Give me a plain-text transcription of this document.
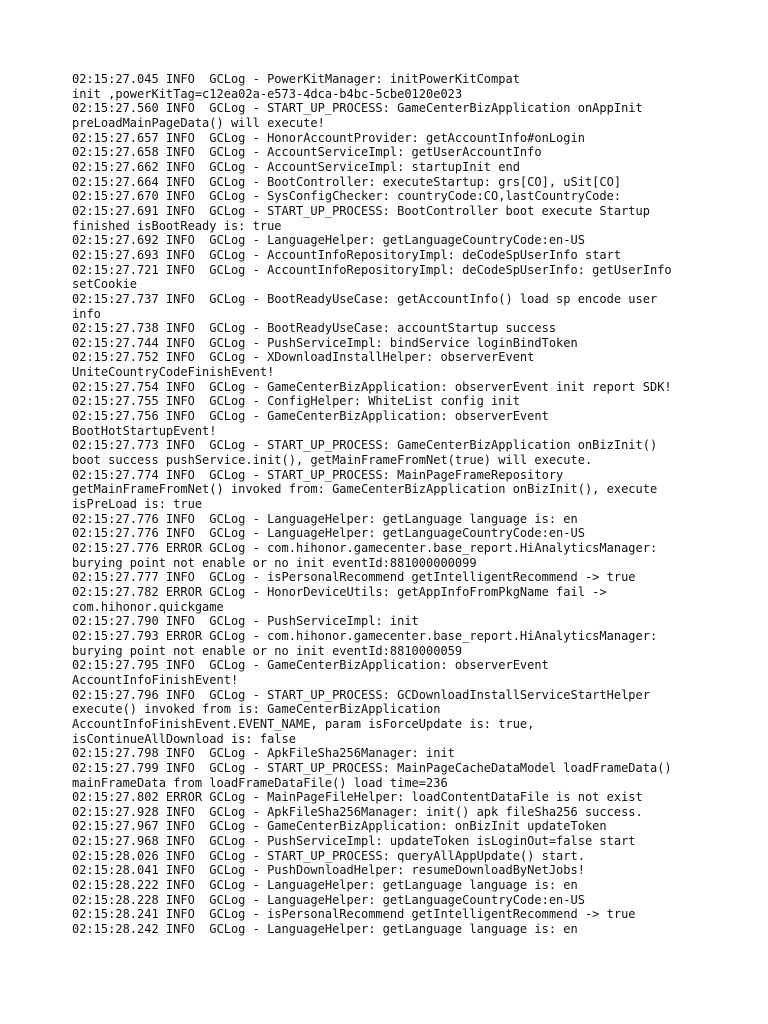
02:15:27.045 INFO  GCLog - PowerKitManager: initPowerKitCompat
init ,powerKitTag=c12ea02a-e573-4dca-b4bc-5cbe0120e023
02:15:27.560 INFO  GCLog - START_UP_PROCESS: GameCenterBizApplication onAppInit
preLoadMainPageData() will execute!
02:15:27.657 INFO  GCLog - HonorAccountProvider: getAccountInfo#onLogin
02:15:27.658 INFO  GCLog - AccountServiceImpl: getUserAccountInfo
02:15:27.662 INFO  GCLog - AccountServiceImpl: startupInit end
02:15:27.664 INFO  GCLog - BootController: executeStartup: grs[CO], uSit[CO]
02:15:27.670 INFO  GCLog - SysConfigChecker: countryCode:CO,lastCountryCode:
02:15:27.691 INFO  GCLog - START_UP_PROCESS: BootController boot execute Startup
finished isBootReady is: true
02:15:27.692 INFO  GCLog - LanguageHelper: getLanguageCountryCode:en-US
02:15:27.693 INFO  GCLog - AccountInfoRepositoryImpl: deCodeSpUserInfo start
02:15:27.721 INFO  GCLog - AccountInfoRepositoryImpl: deCodeSpUserInfo: getUserInfo
setCookie
02:15:27.737 INFO  GCLog - BootReadyUseCase: getAccountInfo() load sp encode user
info
02:15:27.738 INFO  GCLog - BootReadyUseCase: accountStartup success
02:15:27.744 INFO  GCLog - PushServiceImpl: bindService loginBindToken
02:15:27.752 INFO  GCLog - XDownloadInstallHelper: observerEvent
UniteCountryCodeFinishEvent!
02:15:27.754 INFO  GCLog - GameCenterBizApplication: observerEvent init report SDK!
02:15:27.755 INFO  GCLog - ConfigHelper: WhiteList config init
02:15:27.756 INFO  GCLog - GameCenterBizApplication: observerEvent
BootHotStartupEvent!
02:15:27.773 INFO  GCLog - START_UP_PROCESS: GameCenterBizApplication onBizInit()
boot success pushService.init(), getMainFrameFromNet(true) will execute.
02:15:27.774 INFO  GCLog - START_UP_PROCESS: MainPageFrameRepository
getMainFrameFromNet() invoked from: GameCenterBizApplication onBizInit(), execute
isPreLoad is: true
02:15:27.776 INFO  GCLog - LanguageHelper: getLanguage language is: en
02:15:27.776 INFO  GCLog - LanguageHelper: getLanguageCountryCode:en-US
02:15:27.776 ERROR GCLog - com.hihonor.gamecenter.base_report.HiAnalyticsManager:
burying point not enable or no init eventId:881000000099
02:15:27.777 INFO  GCLog - isPersonalRecommend getIntelligentRecommend -> true
02:15:27.782 ERROR GCLog - HonorDeviceUtils: getAppInfoFromPkgName fail ->
com.hihonor.quickgame
02:15:27.790 INFO  GCLog - PushServiceImpl: init
02:15:27.793 ERROR GCLog - com.hihonor.gamecenter.base_report.HiAnalyticsManager:
burying point not enable or no init eventId:8810000059
02:15:27.795 INFO  GCLog - GameCenterBizApplication: observerEvent
AccountInfoFinishEvent!
02:15:27.796 INFO  GCLog - START_UP_PROCESS: GCDownloadInstallServiceStartHelper
execute() invoked from is: GameCenterBizApplication
AccountInfoFinishEvent.EVENT_NAME, param isForceUpdate is: true,
isContinueAllDownload is: false
02:15:27.798 INFO  GCLog - ApkFileSha256Manager: init
02:15:27.799 INFO  GCLog - START_UP_PROCESS: MainPageCacheDataModel loadFrameData()
mainFrameData from loadFrameDataFile() load time=236
02:15:27.802 ERROR GCLog - MainPageFileHelper: loadContentDataFile is not exist
02:15:27.928 INFO  GCLog - ApkFileSha256Manager: init() apk fileSha256 success.
02:15:27.967 INFO  GCLog - GameCenterBizApplication: onBizInit updateToken
02:15:27.968 INFO  GCLog - PushServiceImpl: updateToken isLoginOut=false start
02:15:28.026 INFO  GCLog - START_UP_PROCESS: queryAllAppUpdate() start.
02:15:28.041 INFO  GCLog - PushDownloadHelper: resumeDownloadByNetJobs!
02:15:28.222 INFO  GCLog - LanguageHelper: getLanguage language is: en
02:15:28.228 INFO  GCLog - LanguageHelper: getLanguageCountryCode:en-US
02:15:28.241 INFO  GCLog - isPersonalRecommend getIntelligentRecommend -> true
02:15:28.242 INFO  GCLog - LanguageHelper: getLanguage language is: en
